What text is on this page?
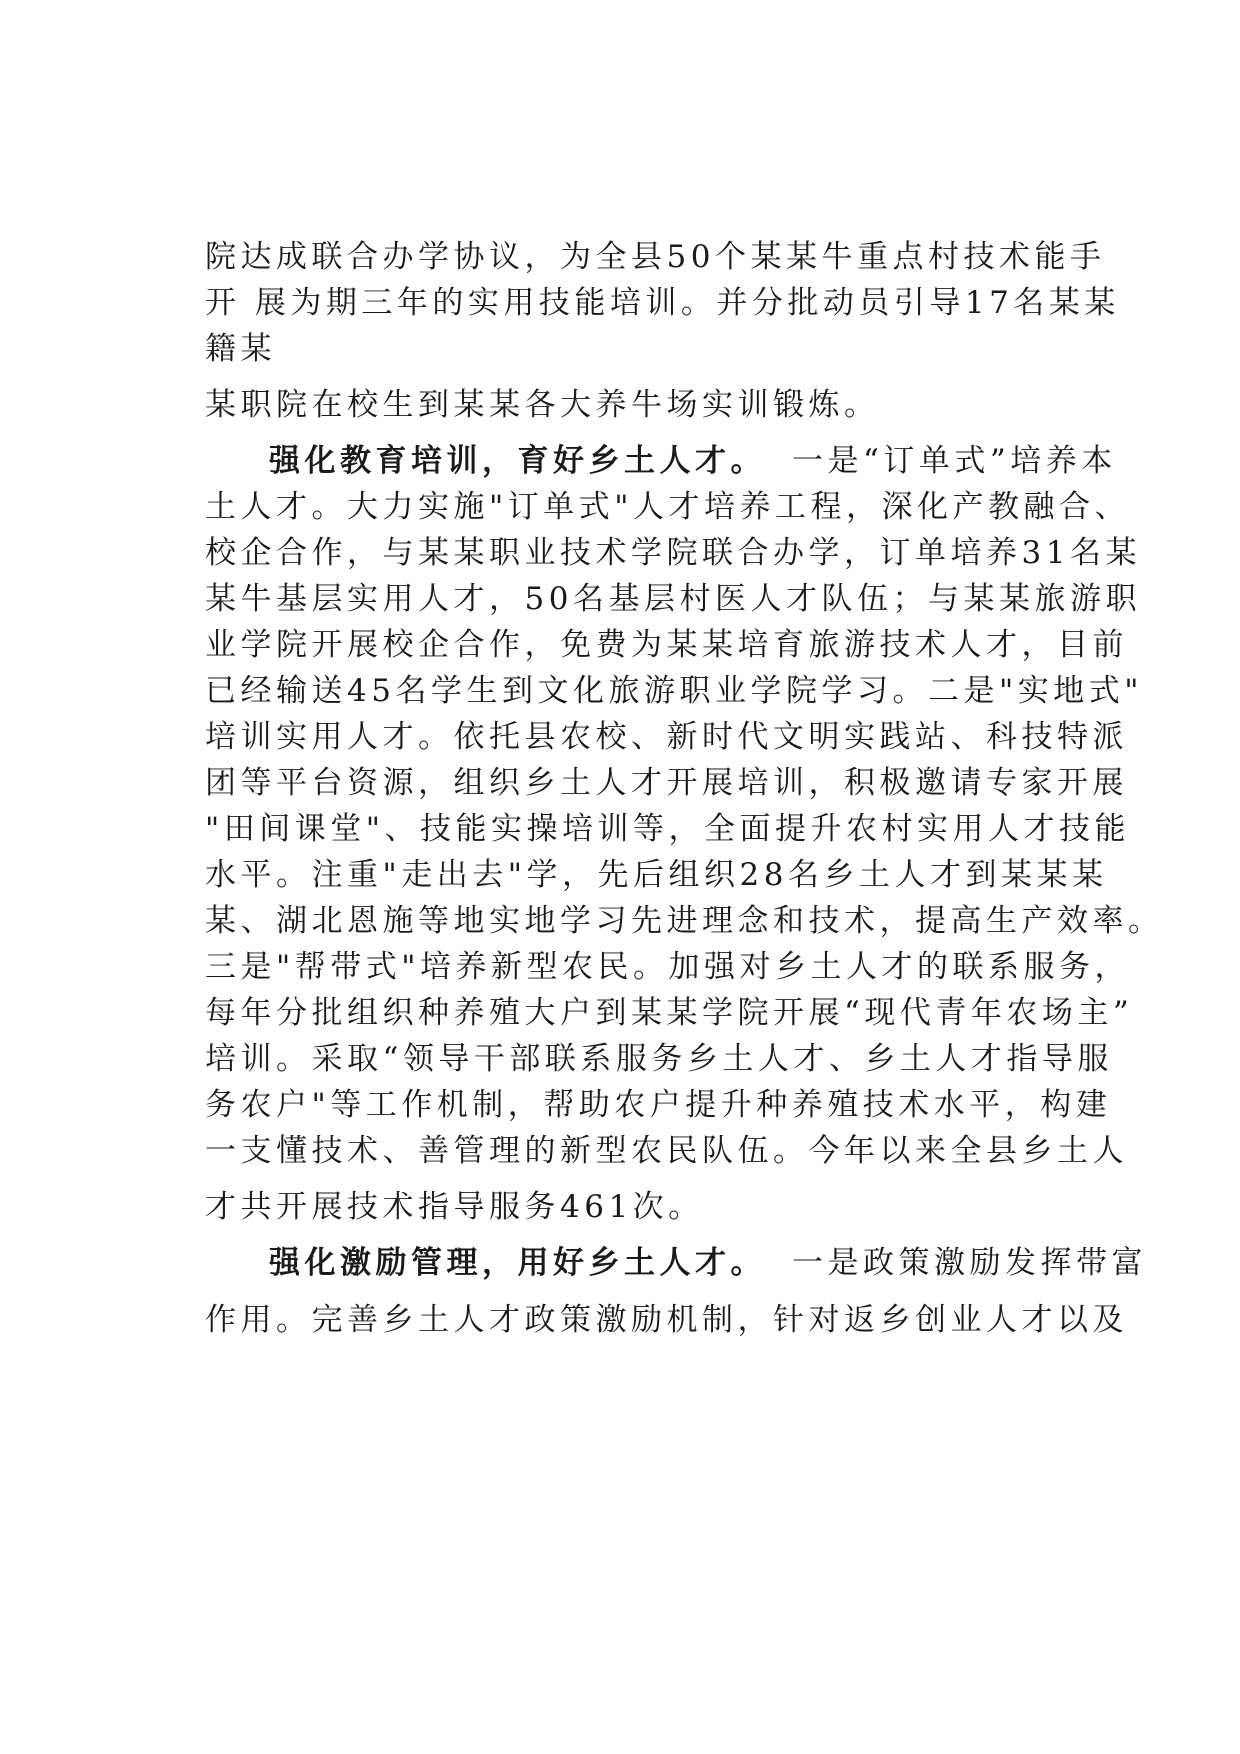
院达成联合办学协议，为全县50个某某牛重点村技术能手
开 展为期三年的实用技能培训。并分批动员引导17名某某
籍某
某职院在校生到某某各大养牛场实训锻炼。
强化教育培训，育好乡土人才。 一是“订单式”培养本
土人才。大力实施"订单式"人才培养工程，深化产教融合、
校企合作，与某某职业技术学院联合办学，订单培养31名某
某牛基层实用人才，50名基层村医人才队伍；与某某旅游职
业学院开展校企合作，免费为某某培育旅游技术人才，目前
已经输送45名学生到文化旅游职业学院学习。二是"实地式"
培训实用人才。依托县农校、新时代文明实践站、科技特派
团等平台资源，组织乡土人才开展培训，积极邀请专家开展
"田间课堂"、技能实操培训等，全面提升农村实用人才技能
水平。注重"走出去"学，先后组织28名乡土人才到某某某
某、湖北恩施等地实地学习先进理念和技术，提高生产效率。
三是"帮带式"培养新型农民。加强对乡土人才的联系服务，
每年分批组织种养殖大户到某某学院开展“现代青年农场主”
培训。采取“领导干部联系服务乡土人才、乡土人才指导服
务农户"等工作机制，帮助农户提升种养殖技术水平，构建
一支懂技术、善管理的新型农民队伍。今年以来全县乡土人
才共开展技术指导服务461次。
强化激励管理，用好乡土人才。 一是政策激励发挥带富
作用。完善乡土人才政策激励机制，针对返乡创业人才以及
